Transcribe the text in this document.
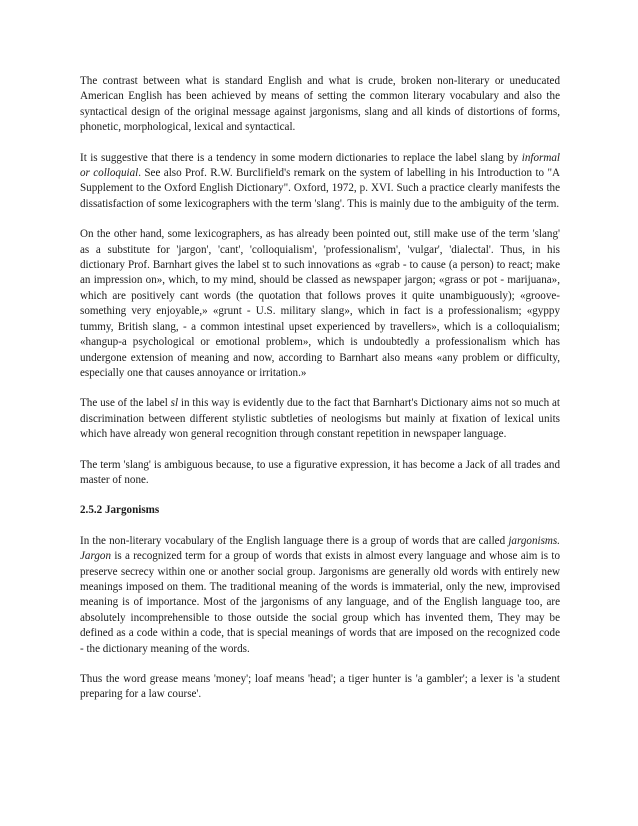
The contrast between what is standard English and what is crude, broken non-literary or uneducated American English has been achieved by means of setting the common literary vocabulary and also the syntactical design of the original message against jargonisms, slang and all kinds of distortions of forms, phonetic, morphological, lexical and syntactical.

It is suggestive that there is a tendency in some modern dictionaries to replace the label slang by informal or colloquial. See also Prof. R.W. Burclifield's remark on the system of labelling in his Introduction to "A Supplement to the Oxford English Dictionary". Oxford, 1972, p. XVI. Such a practice clearly manifests the dissatisfaction of some lexicographers with the term 'slang'. This is mainly due to the ambiguity of the term.

On the other hand, some lexicographers, as has already been pointed out, still make use of the term 'slang' as a substitute for 'jargon', 'cant', 'colloquialism', 'professionalism', 'vulgar', 'dialectal'. Thus, in his dictionary Prof. Barnhart gives the label st to such innovations as «grab - to cause (a person) to react; make an impression on», which, to my mind, should be classed as newspaper jargon; «grass or pot - marijuana», which are positively cant words (the quotation that follows proves it quite unambiguously); «groove-something very enjoyable,» «grunt - U.S. military slang», which in fact is a professionalism; «gyppy tummy, British slang, - a common intestinal upset experienced by travellers», which is a colloquialism; «hangup-a psychological or emotional problem», which is undoubtedly a professionalism which has undergone extension of meaning and now, according to Barnhart also means «any problem or difficulty, especially one that causes annoyance or irritation.»

The use of the label sl in this way is evidently due to the fact that Barnhart's Dictionary aims not so much at discrimination between different stylistic subtleties of neologisms but mainly at fixation of lexical units which have already won general recognition through constant repetition in newspaper language.

The term 'slang' is ambiguous because, to use a figurative expression, it has become a Jack of all trades and master of none.

2.5.2 Jargonisms

In the non-literary vocabulary of the English language there is a group of words that are called jargonisms. Jargon is a recognized term for a group of words that exists in almost every language and whose aim is to preserve secrecy within one or another social group. Jargonisms are generally old words with entirely new meanings imposed on them. The traditional meaning of the words is immaterial, only the new, improvised meaning is of importance. Most of the jargonisms of any language, and of the English language too, are absolutely incomprehensible to those outside the social group which has invented them, They may be defined as a code within a code, that is special meanings of words that are imposed on the recognized code - the dictionary meaning of the words.

Thus the word grease means 'money'; loaf means 'head'; a tiger hunter is 'a gambler'; a lexer is 'a student preparing for a law course'.
